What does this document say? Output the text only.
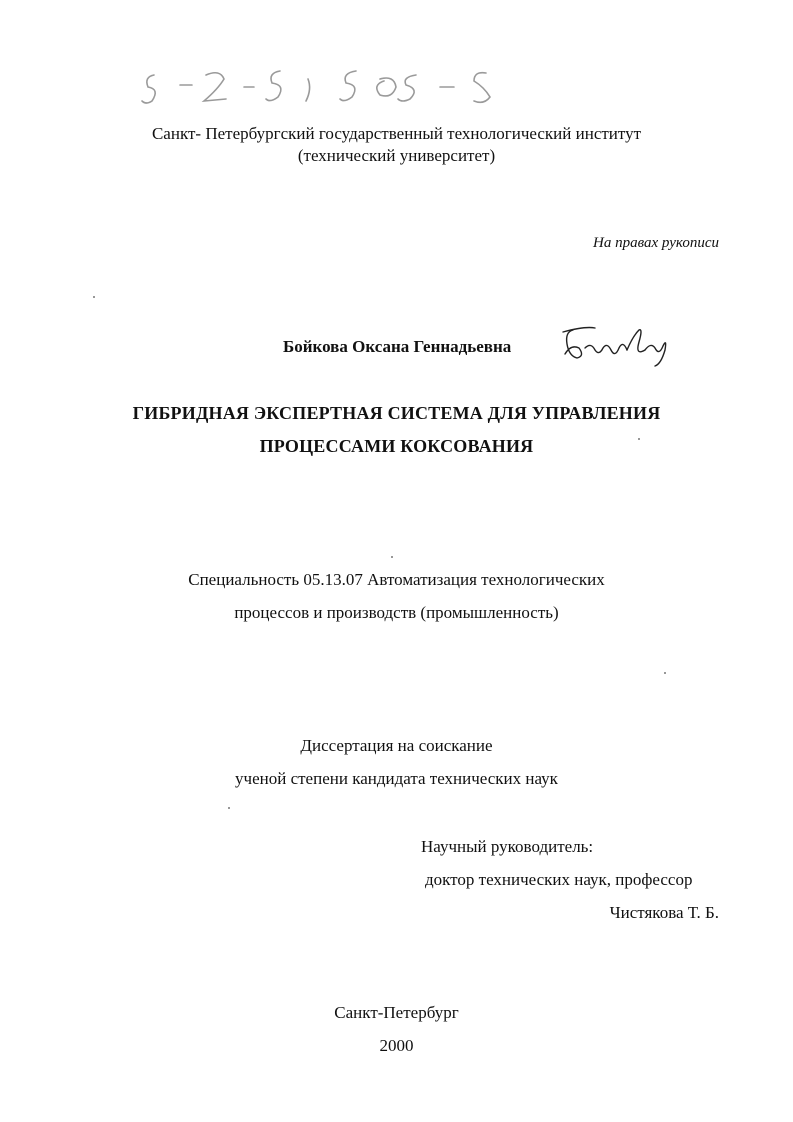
Санкт- Петербургский государственный технологический институт
(технический университет)
На правах рукописи
Бойкова Оксана Геннадьевна
ГИБРИДНАЯ ЭКСПЕРТНАЯ СИСТЕМА ДЛЯ УПРАВЛЕНИЯ
ПРОЦЕССАМИ КОКСОВАНИЯ
Специальность 05.13.07 Автоматизация технологических
процессов и производств (промышленность)
Диссертация на соискание
ученой степени кандидата технических наук
Научный руководитель:
доктор технических наук, профессор
Чистякова Т. Б.
Санкт-Петербург
2000
